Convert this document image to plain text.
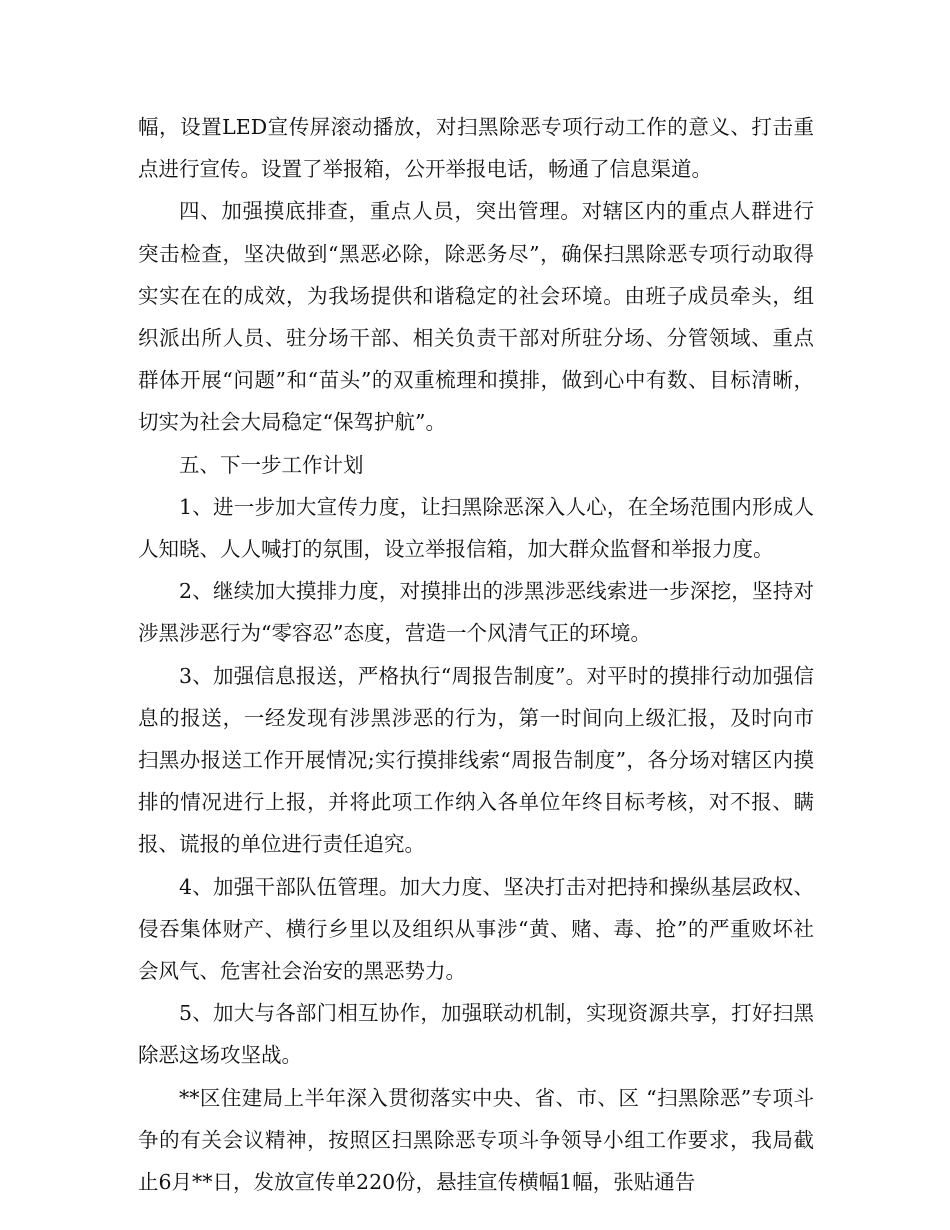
幅，设置LED宣传屏滚动播放，对扫黑除恶专项行动工作的意义、打击重点进行宣传。设置了举报箱，公开举报电话，畅通了信息渠道。

四、加强摸底排查，重点人员，突出管理。对辖区内的重点人群进行突击检查，坚决做到“黑恶必除，除恶务尽”，确保扫黑除恶专项行动取得实实在在的成效，为我场提供和谐稳定的社会环境。由班子成员牵头，组织派出所人员、驻分场干部、相关负责干部对所驻分场、分管领域、重点群体开展“问题”和“苗头”的双重梳理和摸排，做到心中有数、目标清晰，切实为社会大局稳定“保驾护航”。

五、下一步工作计划

1、进一步加大宣传力度，让扫黑除恶深入人心，在全场范围内形成人人知晓、人人喊打的氛围，设立举报信箱，加大群众监督和举报力度。

2、继续加大摸排力度，对摸排出的涉黑涉恶线索进一步深挖，坚持对涉黑涉恶行为“零容忍”态度，营造一个风清气正的环境。

3、加强信息报送，严格执行“周报告制度”。对平时的摸排行动加强信息的报送，一经发现有涉黑涉恶的行为，第一时间向上级汇报，及时向市扫黑办报送工作开展情况;实行摸排线索“周报告制度”，各分场对辖区内摸排的情况进行上报，并将此项工作纳入各单位年终目标考核，对不报、瞒报、谎报的单位进行责任追究。

4、加强干部队伍管理。加大力度、坚决打击对把持和操纵基层政权、侵吞集体财产、横行乡里以及组织从事涉“黄、赌、毒、抢”的严重败坏社会风气、危害社会治安的黑恶势力。

5、加大与各部门相互协作，加强联动机制，实现资源共享，打好扫黑除恶这场攻坚战。

**区住建局上半年深入贯彻落实中央、省、市、区 “扫黑除恶”专项斗争的有关会议精神，按照区扫黑除恶专项斗争领导小组工作要求，我局截止6月**日，发放宣传单220份，悬挂宣传横幅1幅，张贴通告
